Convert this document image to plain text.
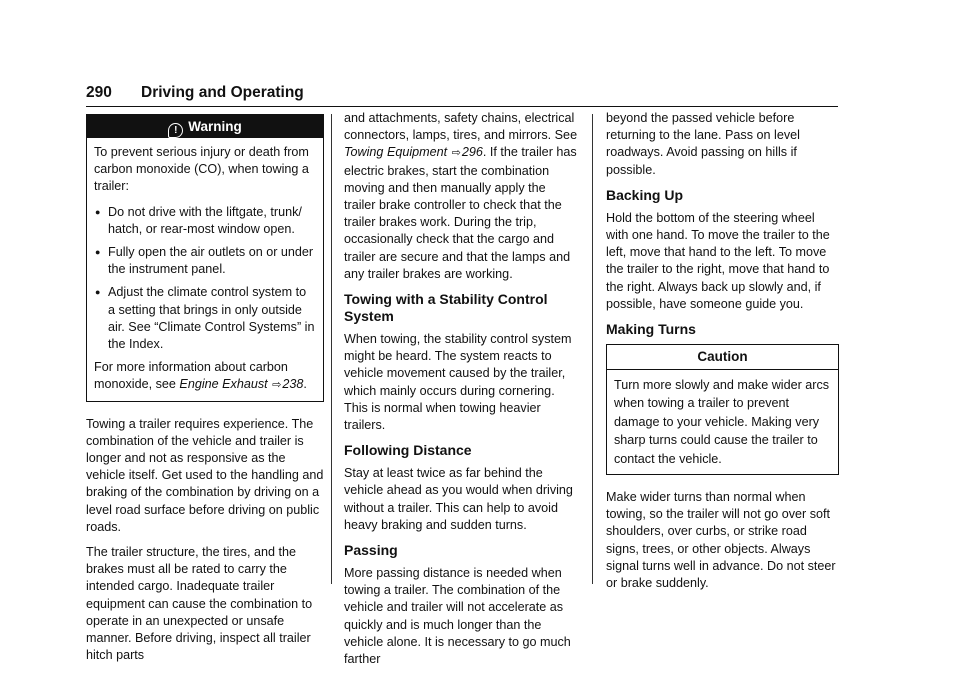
290 Driving and Operating
! Warning

To prevent serious injury or death from carbon monoxide (CO), when towing a trailer:

● Do not drive with the liftgate, trunk/ hatch, or rear-most window open.
● Fully open the air outlets on or under the instrument panel.
● Adjust the climate control system to a setting that brings in only outside air. See “Climate Control Systems” in the Index.

For more information about carbon monoxide, see Engine Exhaust ⇨238.

Towing a trailer requires experience. The combination of the vehicle and trailer is longer and not as responsive as the vehicle itself. Get used to the handling and braking of the combination by driving on a level road surface before driving on public roads.

The trailer structure, the tires, and the brakes must all be rated to carry the intended cargo. Inadequate trailer equipment can cause the combination to operate in an unexpected or unsafe manner. Before driving, inspect all trailer hitch parts

and attachments, safety chains, electrical connectors, lamps, tires, and mirrors. See Towing Equipment ⇨296. If the trailer has electric brakes, start the combination moving and then manually apply the trailer brake controller to check that the trailer brakes work. During the trip, occasionally check that the cargo and trailer are secure and that the lamps and any trailer brakes are working.

Towing with a Stability Control System

When towing, the stability control system might be heard. The system reacts to vehicle movement caused by the trailer, which mainly occurs during cornering. This is normal when towing heavier trailers.

Following Distance

Stay at least twice as far behind the vehicle ahead as you would when driving without a trailer. This can help to avoid heavy braking and sudden turns.

Passing

More passing distance is needed when towing a trailer. The combination of the vehicle and trailer will not accelerate as quickly and is much longer than the vehicle alone. It is necessary to go much farther

beyond the passed vehicle before returning to the lane. Pass on level roadways. Avoid passing on hills if possible.

Backing Up

Hold the bottom of the steering wheel with one hand. To move the trailer to the left, move that hand to the left. To move the trailer to the right, move that hand to the right. Always back up slowly and, if possible, have someone guide you.

Making Turns
Caution
Turn more slowly and make wider arcs when towing a trailer to prevent damage to your vehicle. Making very sharp turns could cause the trailer to contact the vehicle.

Make wider turns than normal when towing, so the trailer will not go over soft shoulders, over curbs, or strike road signs, trees, or other objects. Always signal turns well in advance. Do not steer or brake suddenly.
